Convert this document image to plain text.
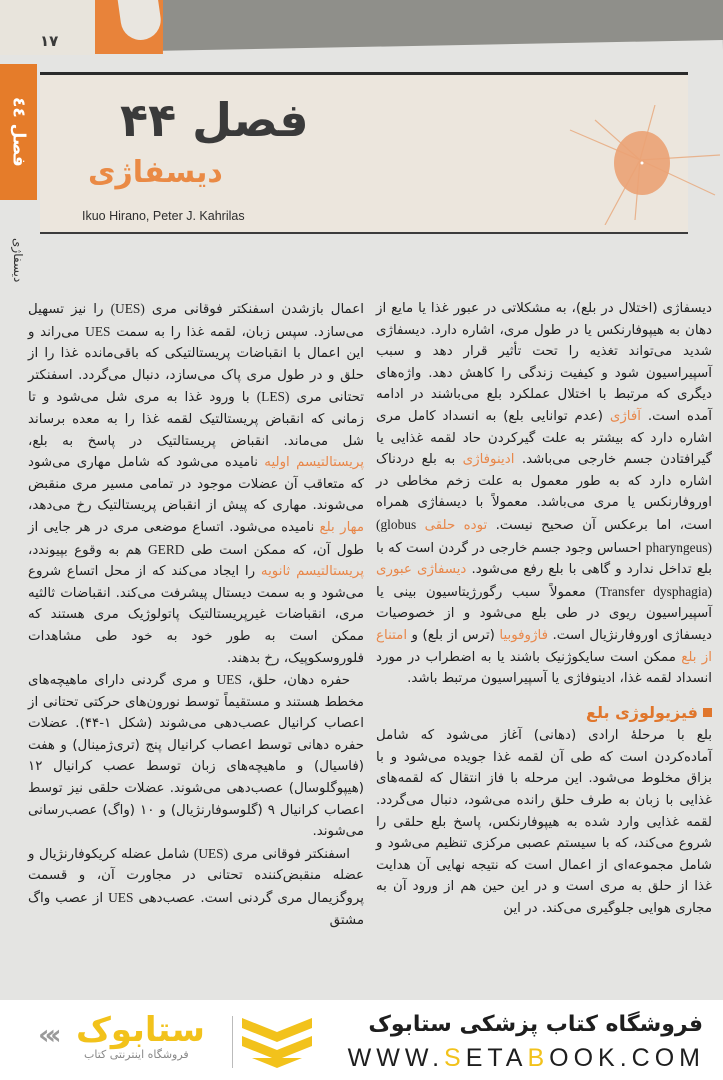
۱۷
فصل ٤٤
دیسفاژی
فصل ۴۴
دیسفاژی
Ikuo Hirano, Peter J. Kahrilas

دیسفاژی (اختلال در بلع)، به مشکلاتی در عبور غذا یا مایع از دهان به هیپوفارنکس یا در طول مری، اشاره دارد. دیسفاژی شدید می‌تواند تغذیه را تحت تأثیر قرار دهد و سبب آسپیراسیون شود و کیفیت زندگی را کاهش دهد. واژه‌های دیگری که مرتبط با اختلال عملکرد بلع می‌باشند در ادامه آمده است. آفاژی (عدم توانایی بلع) به انسداد کامل مری اشاره دارد که بیشتر به علت گیرکردن حاد لقمه غذایی یا گیرافتادن جسم خارجی می‌باشد. ادینوفاژی به بلع دردناک اشاره دارد که به طور معمول به علت زخم مخاطی در اوروفارنکس یا مری می‌باشد. معمولاً با دیسفاژی همراه است، اما برعکس آن صحیح نیست. توده حلقی (globus pharyngeus) احساس وجود جسم خارجی در گردن است که با بلع تداخل ندارد و گاهی با بلع رفع می‌شود. دیسفاژی عبوری (Transfer dysphagia) معمولاً سبب رگورژیتاسیون بینی یا آسپیراسیون ریوی در طی بلع می‌شود و از خصوصیات دیسفاژی اوروفارنژیال است. فاژوفوبیا (ترس از بلع) و امتناع از بلع ممکن است سایکوژنیک باشند یا به اضطراب در مورد انسداد لقمه غذا، ادینوفاژی یا آسپیراسیون مرتبط باشد.

فیزیولوژی بلع

بلع با مرحلهٔ ارادی (دهانی) آغاز می‌شود که شامل آماده‌کردن است که طی آن لقمه غذا جویده می‌شود و با بزاق مخلوط می‌شود. این مرحله با فاز انتقال که لقمه‌های غذایی با زبان به طرف حلق رانده می‌شود، دنبال می‌گردد. لقمه غذایی وارد شده به هیپوفارنکس، پاسخ بلع حلقی را شروع می‌کند، که با سیستم عصبی مرکزی تنظیم می‌شود و شامل مجموعه‌ای از اعمال است که نتیجه نهایی آن هدایت غذا از حلق به مری است و در این حین هم از ورود آن به مجاری هوایی جلوگیری می‌کند. در این

اعمال بازشدن اسفنکتر فوقانی مری (UES) را نیز تسهیل می‌سازد. سپس زبان، لقمه غذا را به سمت UES می‌راند و این اعمال با انقباضات پریستالتیکی که باقی‌مانده غذا را از حلق و در طول مری پاک می‌سازد، دنبال می‌گردد. اسفنکتر تحتانی مری (LES) با ورود غذا به مری شل می‌شود و تا زمانی که انقباض پریستالتیک لقمه غذا را به معده برساند شل می‌ماند. انقباض پریستالتیک در پاسخ به بلع، پریستالتیسم اولیه نامیده می‌شود که شامل مهاری می‌شود که متعاقب آن عضلات موجود در تمامی مسیر مری منقبض می‌شوند. مهاری که پیش از انقباض پریستالتیک رخ می‌دهد، مهار بلع نامیده می‌شود. اتساع موضعی مری در هر جایی از طول آن، که ممکن است طی GERD هم به وقوع بپیوندد، پریستالتیسم ثانویه را ایجاد می‌کند که از محل اتساع شروع می‌شود و به سمت دیستال پیشرفت می‌کند. انقباضات ثالثیه مری، انقباضات غیرپریستالتیک پاتولوژیک مری هستند که ممکن است به طور خود به خود طی مشاهدات فلوروسکوپیک، رخ بدهند.

حفره دهان، حلق، UES و مری گردنی دارای ماهیچه‌های مخطط هستند و مستقیماً توسط نورون‌های حرکتی تحتانی از اعصاب کرانیال عصب‌دهی می‌شوند (شکل ۱-۴۴). عضلات حفره دهانی توسط اعصاب کرانیال پنج (تری‌ژمینال) و هفت (فاسیال) و ماهیچه‌های زبان توسط عصب کرانیال ۱۲ (هیپوگلوسال) عصب‌دهی می‌شوند. عضلات حلقی نیز توسط اعصاب کرانیال ۹ (گلوسوفارنژیال) و ۱۰ (واگ) عصب‌رسانی می‌شوند.

اسفنکتر فوقانی مری (UES) شامل عضله کریکوفارنژیال و عضله منقبض‌کننده تحتانی در مجاورت آن، و قسمت پروگزیمال مری گردنی است. عصب‌دهی UES از عصب واگ مشتق

«‹ ستابوک
فروشگاه اینترنتی کتاب
فروشگاه کتاب پزشکی ستابوک
WWW.SETABOOK.COM
